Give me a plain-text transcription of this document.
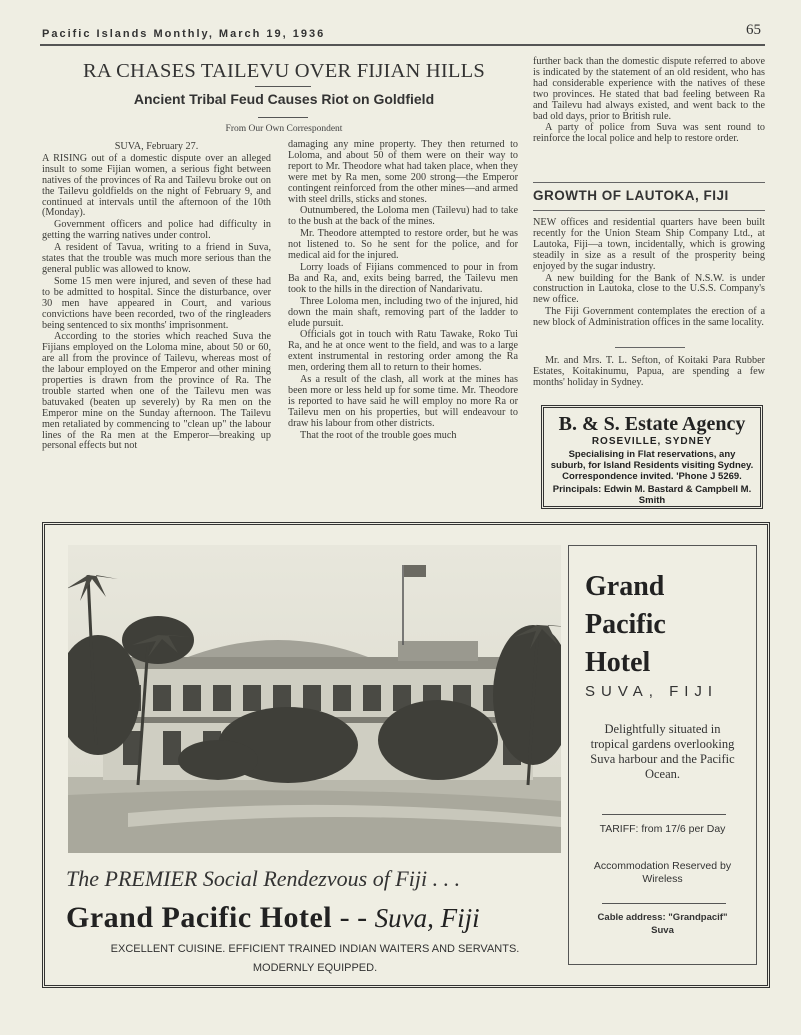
Pacific Islands Monthly, March 19, 1936	65
RA CHASES TAILEVU OVER FIJIAN HILLS
Ancient Tribal Feud Causes Riot on Goldfield
From Our Own Correspondent

SUVA, February 27.

A RISING out of a domestic dispute over an alleged insult to some Fijian women, a serious fight between natives of the provinces of Ra and Tailevu broke out on the Tailevu goldfields on the night of February 9, and continued at intervals until the afternoon of the 10th (Monday).

Government officers and police had difficulty in getting the warring natives under control.

A resident of Tavua, writing to a friend in Suva, states that the trouble was much more serious than the general public was allowed to know.

Some 15 men were injured, and seven of these had to be admitted to hospital. Since the disturbance, over 30 men have appeared in Court, and various convictions have been recorded, two of the ringleaders being sentenced to six months' imprisonment.

According to the stories which reached Suva the Fijians employed on the Loloma mine, about 50 or 60, are all from the province of Tailevu, whereas most of the labour employed on the Emperor and other mining properties is drawn from the province of Ra. The trouble started when one of the Tailevu men was batuvaked (beaten up severely) by Ra men on the Emperor mine on the Sunday afternoon. The Tailevu men retaliated by commencing to "clean up" the labour lines of the Ra men at the Emperor—breaking up personal effects but not

damaging any mine property. They then returned to Loloma, and about 50 of them were on their way to report to Mr. Theodore what had taken place, when they were met by Ra men, some 200 strong—the Emperor contingent reinforced from the other mines—and armed with steel drills, sticks and stones.

Outnumbered, the Loloma men (Tailevu) had to take to the bush at the back of the mines.

Mr. Theodore attempted to restore order, but he was not listened to. So he sent for the police, and for medical aid for the injured.

Lorry loads of Fijians commenced to pour in from Ba and Ra, and, exits being barred, the Tailevu men took to the hills in the direction of Nandarivatu.

Three Loloma men, including two of the injured, hid down the main shaft, removing part of the ladder to elude pursuit.

Officials got in touch with Ratu Tawake, Roko Tui Ra, and he at once went to the field, and was to a large extent instrumental in restoring order among the Ra men, ordering them all to return to their homes.

As a result of the clash, all work at the mines has been more or less held up for some time. Mr. Theodore is reported to have said he will employ no more Ra or Tailevu men on his properties, but will endeavour to draw his labour from other districts.

That the root of the trouble goes much

further back than the domestic dispute referred to above is indicated by the statement of an old resident, who has had considerable experience with the natives of these two provinces. He stated that bad feeling between Ra and Tailevu had always existed, and went back to the bad old days, prior to British rule.

A party of police from Suva was sent round to reinforce the local police and help to restore order.

GROWTH OF LAUTOKA, FIJI

NEW offices and residential quarters have been built recently for the Union Steam Ship Company Ltd., at Lautoka, Fiji—a town, incidentally, which is growing steadily in size as a result of the prosperity being enjoyed by the sugar industry.

A new building for the Bank of N.S.W. is under construction in Lautoka, close to the U.S.S. Company's new office.

The Fiji Government contemplates the erection of a new block of Administration offices in the same locality.

Mr. and Mrs. T. L. Sefton, of Koitaki Para Rubber Estates, Koitakinumu, Papua, are spending a few months' holiday in Sydney.

B. & S. Estate Agency
ROSEVILLE, SYDNEY
Specialising in Flat reservations, any suburb, for Island Residents visiting Sydney. Correspondence invited. 'Phone J 5269.
Principals: Edwin M. Bastard & Campbell M. Smith
The PREMIER Social Rendezvous of Fiji . . .
Grand Pacific Hotel - - Suva, Fiji
EXCELLENT CUISINE. EFFICIENT TRAINED INDIAN WAITERS AND SERVANTS.
MODERNLY EQUIPPED.
Grand
Pacific
Hotel
SUVA, FIJI
Delightfully situated in tropical gardens overlooking Suva harbour and the Pacific Ocean.
TARIFF: from 17/6 per Day
Accommodation Reserved by Wireless
Cable address: "Grandpacif" Suva
